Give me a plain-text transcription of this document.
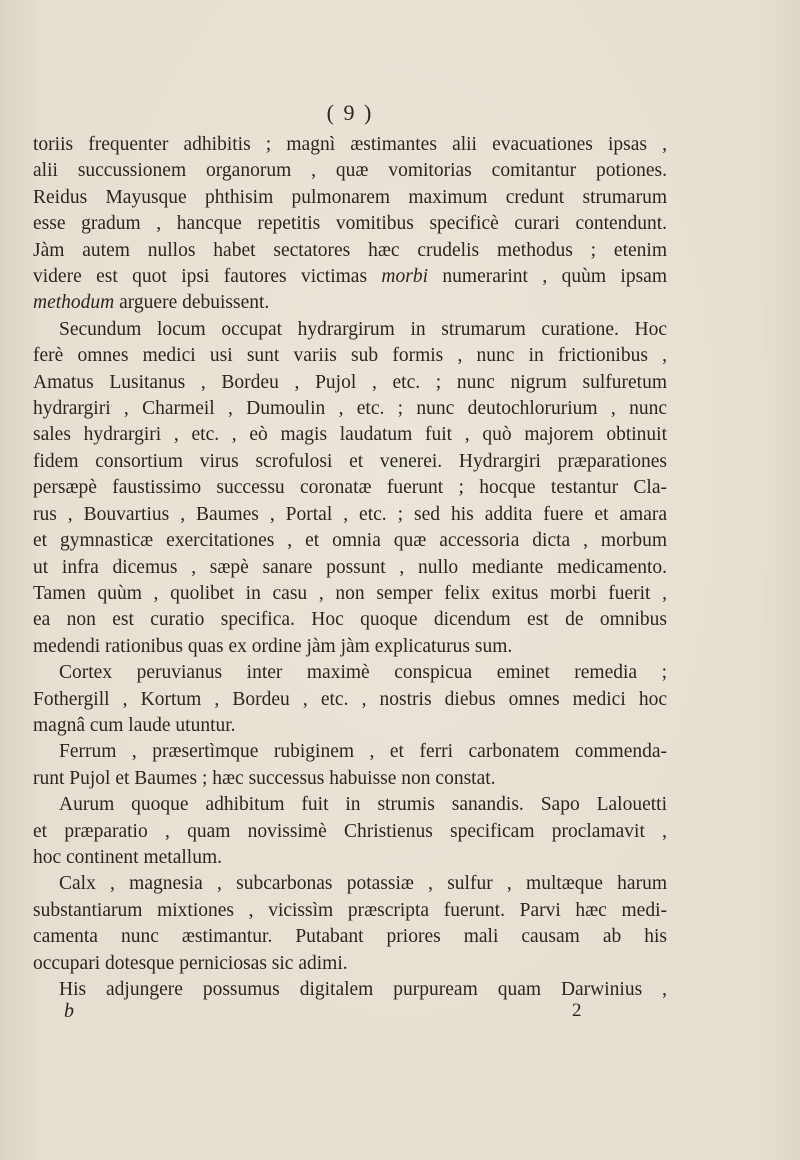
( 9 )
toriis frequenter adhibitis ; magnì æstimantes alii evacuationes ipsas ,
alii succussionem organorum , quæ vomitorias comitantur potiones.
Reidus Mayusque phthisim pulmonarem maximum credunt strumarum
esse gradum , hancque repetitis vomitibus specificè curari contendunt.
Jàm autem nullos habet sectatores hæc crudelis methodus ; etenim
videre est quot ipsi fautores victimas morbi numerarint , quùm ipsam
methodum arguere debuissent.
Secundum locum occupat hydrargirum in strumarum curatione. Hoc
ferè omnes medici usi sunt variis sub formis , nunc in frictionibus ,
Amatus Lusitanus , Bordeu , Pujol , etc. ; nunc nigrum sulfuretum
hydrargiri , Charmeil , Dumoulin , etc. ; nunc deutochlorurium , nunc
sales hydrargiri , etc. , eò magis laudatum fuit , quò majorem obtinuit
fidem consortium virus scrofulosi et venerei. Hydrargiri præparationes
persæpè faustissimo successu coronatæ fuerunt ; hocque testantur Cla-
rus , Bouvartius , Baumes , Portal , etc. ; sed his addita fuere et amara
et gymnasticæ exercitationes , et omnia quæ accessoria dicta , morbum
ut infra dicemus , sæpè sanare possunt , nullo mediante medicamento.
Tamen quùm , quolibet in casu , non semper felix exitus morbi fuerit ,
ea non est curatio specifica. Hoc quoque dicendum est de omnibus
medendi rationibus quas ex ordine jàm jàm explicaturus sum.
Cortex peruvianus inter maximè conspicua eminet remedia ;
Fothergill , Kortum , Bordeu , etc. , nostris diebus omnes medici hoc
magnâ cum laude utuntur.
Ferrum , præsertìmque rubiginem , et ferri carbonatem commenda-
runt Pujol et Baumes ; hæc successus habuisse non constat.
Aurum quoque adhibitum fuit in strumis sanandis. Sapo Lalouetti
et præparatio , quam novissimè Christienus specificam proclamavit ,
hoc continent metallum.
Calx , magnesia , subcarbonas potassiæ , sulfur , multæque harum
substantiarum mixtiones , vicissìm præscripta fuerunt. Parvi hæc medi-
camenta nunc æstimantur. Putabant priores mali causam ab his
occupari dotesque perniciosas sic adimi.
His adjungere possumus digitalem purpuream quam Darwinius ,
b	2
